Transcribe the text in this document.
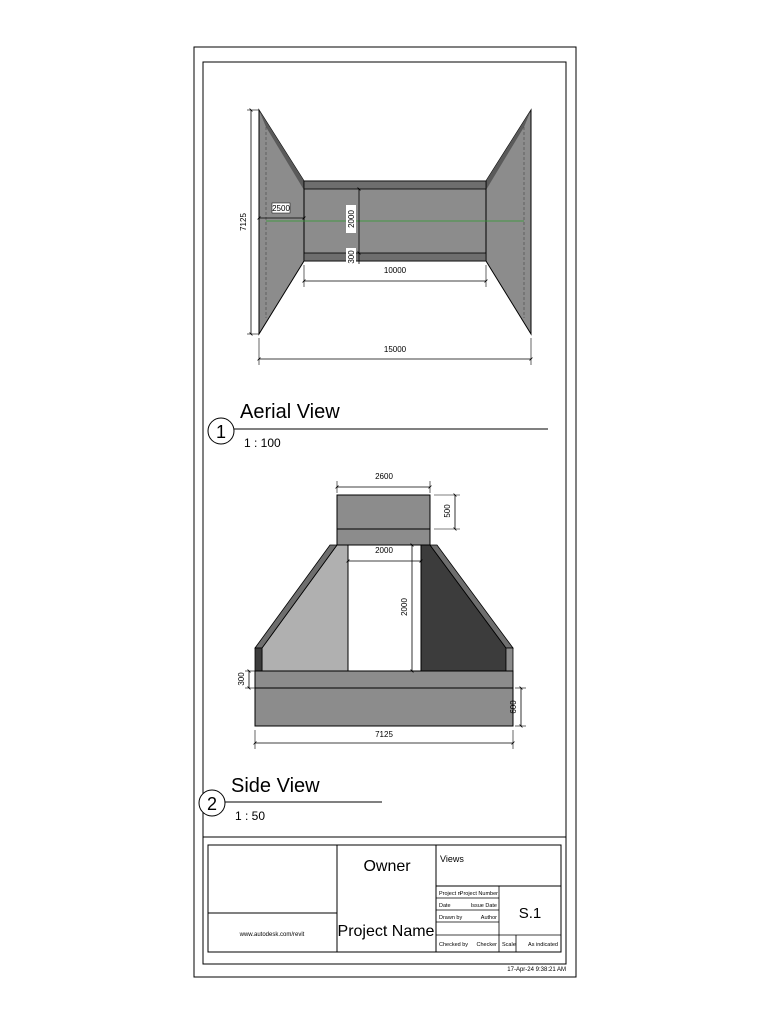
7125
15000
10000
2000
300
2500
1
Aerial View
1 : 100
2600
500
2000
2000
300
600
7125
2
Side View
1 : 50
www.autodesk.com/revit
Owner
Project Name
Views
Project n Project Number
Date	Issue Date
Drawn by	Author
Checked by Checker Scale As indicated
S.1
17-Apr-24 9:38:21 AM
